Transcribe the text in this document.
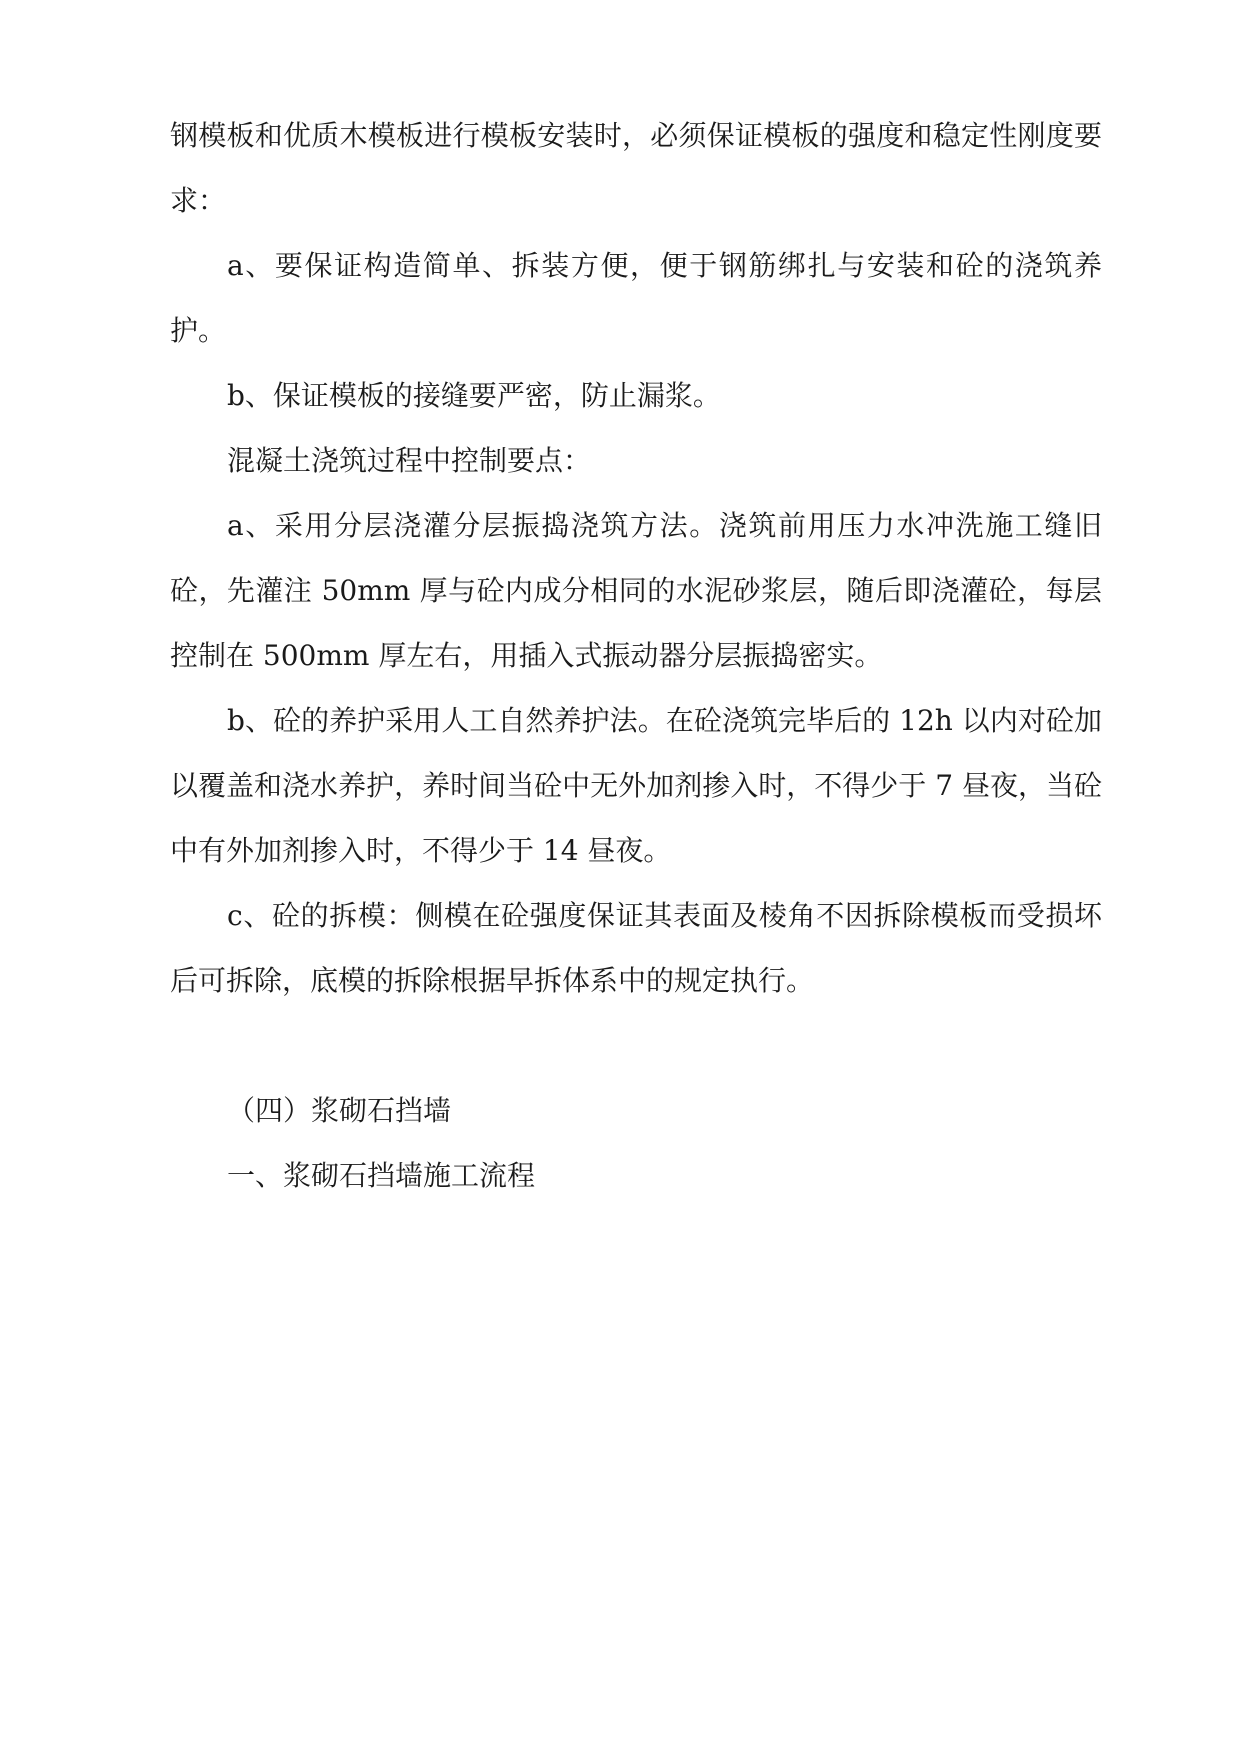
钢模板和优质木模板进行模板安装时，必须保证模板的强度和稳定性刚度要求：

a、要保证构造简单、拆装方便，便于钢筋绑扎与安装和砼的浇筑养护。

b、保证模板的接缝要严密，防止漏浆。

混凝土浇筑过程中控制要点：

a、采用分层浇灌分层振捣浇筑方法。浇筑前用压力水冲洗施工缝旧砼，先灌注 50mm 厚与砼内成分相同的水泥砂浆层，随后即浇灌砼，每层控制在 500mm 厚左右，用插入式振动器分层振捣密实。

b、砼的养护采用人工自然养护法。在砼浇筑完毕后的 12h 以内对砼加以覆盖和浇水养护，养时间当砼中无外加剂掺入时，不得少于 7 昼夜，当砼中有外加剂掺入时，不得少于 14 昼夜。

c、砼的拆模：侧模在砼强度保证其表面及棱角不因拆除模板而受损坏后可拆除，底模的拆除根据早拆体系中的规定执行。

（四）浆砌石挡墙

一、浆砌石挡墙施工流程
